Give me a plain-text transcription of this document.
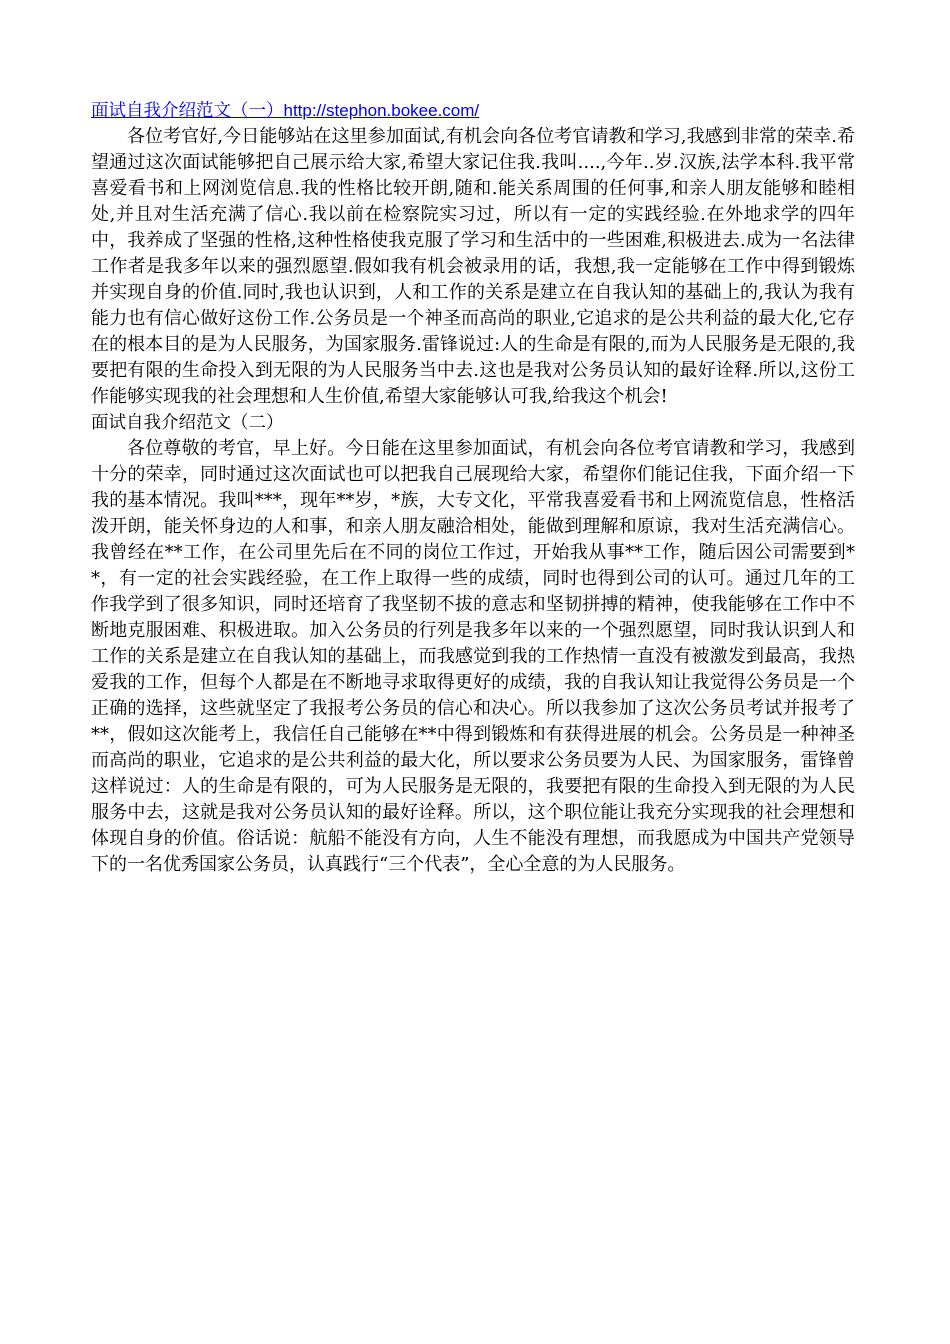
面试自我介绍范文（一）http://stephon.bokee.com/

各位考官好,今日能够站在这里参加面试,有机会向各位考官请教和学习,我感到非常的荣幸.希望通过这次面试能够把自己展示给大家,希望大家记住我.我叫....,今年..岁.汉族,法学本科.我平常喜爱看书和上网浏览信息.我的性格比较开朗,随和.能关系周围的任何事,和亲人朋友能够和睦相处,并且对生活充满了信心.我以前在检察院实习过，所以有一定的实践经验.在外地求学的四年中，我养成了坚强的性格,这种性格使我克服了学习和生活中的一些困难,积极进去.成为一名法律工作者是我多年以来的强烈愿望.假如我有机会被录用的话，我想,我一定能够在工作中得到锻炼并实现自身的价值.同时,我也认识到，人和工作的关系是建立在自我认知的基础上的,我认为我有能力也有信心做好这份工作.公务员是一个神圣而高尚的职业,它追求的是公共利益的最大化,它存在的根本目的是为人民服务，为国家服务.雷锋说过:人的生命是有限的,而为人民服务是无限的,我要把有限的生命投入到无限的为人民服务当中去.这也是我对公务员认知的最好诠释.所以,这份工作能够实现我的社会理想和人生价值,希望大家能够认可我,给我这个机会!

面试自我介绍范文（二）

各位尊敬的考官，早上好。今日能在这里参加面试，有机会向各位考官请教和学习，我感到十分的荣幸，同时通过这次面试也可以把我自己展现给大家，希望你们能记住我，下面介绍一下我的基本情况。我叫***，现年**岁，*族，大专文化，平常我喜爱看书和上网流览信息，性格活泼开朗，能关怀身边的人和事，和亲人朋友融洽相处，能做到理解和原谅，我对生活充满信心。我曾经在**工作，在公司里先后在不同的岗位工作过，开始我从事**工作，随后因公司需要到**，有一定的社会实践经验，在工作上取得一些的成绩，同时也得到公司的认可。通过几年的工作我学到了很多知识，同时还培育了我坚韧不拔的意志和坚韧拼搏的精神，使我能够在工作中不断地克服困难、积极进取。加入公务员的行列是我多年以来的一个强烈愿望，同时我认识到人和工作的关系是建立在自我认知的基础上，而我感觉到我的工作热情一直没有被激发到最高，我热爱我的工作，但每个人都是在不断地寻求取得更好的成绩，我的自我认知让我觉得公务员是一个正确的选择，这些就坚定了我报考公务员的信心和决心。所以我参加了这次公务员考试并报考了**，假如这次能考上，我信任自己能够在**中得到锻炼和有获得进展的机会。公务员是一种神圣而高尚的职业，它追求的是公共利益的最大化，所以要求公务员要为人民、为国家服务，雷锋曾这样说过：人的生命是有限的，可为人民服务是无限的，我要把有限的生命投入到无限的为人民服务中去，这就是我对公务员认知的最好诠释。所以，这个职位能让我充分实现我的社会理想和体现自身的价值。俗话说：航船不能没有方向，人生不能没有理想，而我愿成为中国共产党领导下的一名优秀国家公务员，认真践行“三个代表”，全心全意的为人民服务。
